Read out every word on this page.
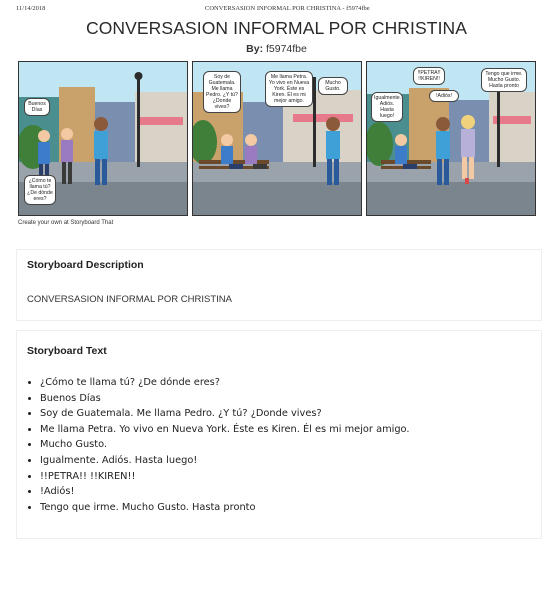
11/14/2018	CONVERSASION INFORMAL POR CHRISTINA - f5974fbe
CONVERSASION INFORMAL POR CHRISTINA
By: f5974fbe
Buenos Días
¿Cómo te llama tú? ¿De dónde eres?
Soy de Guatemala. Me llama Pedro. ¿Y tú? ¿Donde vives?
Me llama Petra. Yo vivo en Nueva York. Éste es Kiren. Él es mi mejor amigo.
Mucho Gusto.
Igualmente. Adiós. Hasta luego!
!!PETRA!! !!KIREN!!
!Adiós!
Tengo que irme. Mucho Gusto. Hasta pronto
Create your own at Storyboard That
Storyboard Description
CONVERSASION INFORMAL POR CHRISTINA
Storyboard Text
• ¿Cómo te llama tú? ¿De dónde eres?
• Buenos Días
• Soy de Guatemala. Me llama Pedro. ¿Y tú? ¿Donde vives?
• Me llama Petra. Yo vivo en Nueva York. Éste es Kiren. Él es mi mejor amigo.
• Mucho Gusto.
• Igualmente. Adiós. Hasta luego!
• !!PETRA!! !!KIREN!!
• !Adiós!
• Tengo que irme. Mucho Gusto. Hasta pronto
